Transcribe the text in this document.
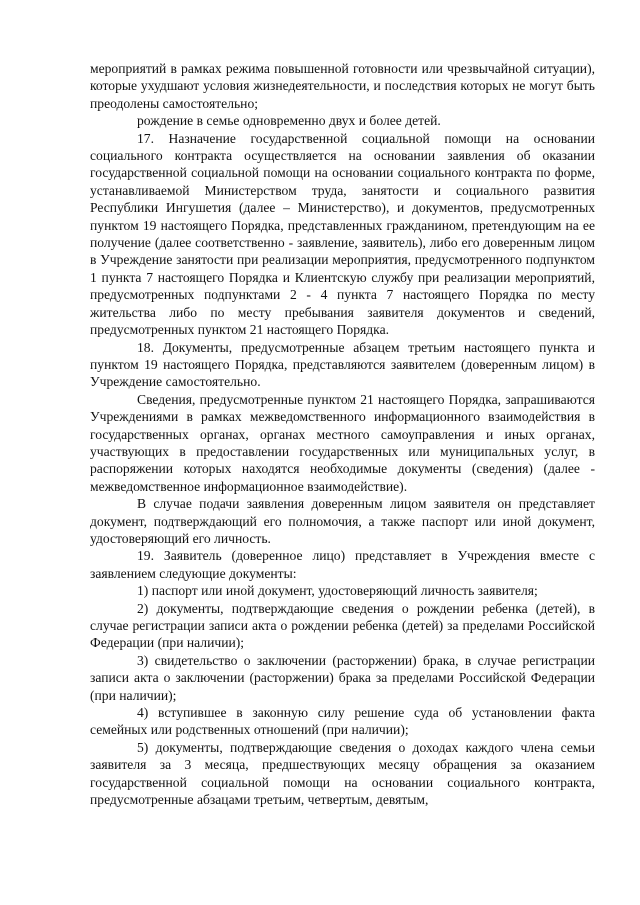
мероприятий в рамках режима повышенной готовности или чрезвычайной ситуации), которые ухудшают условия жизнедеятельности, и последствия которых не могут быть преодолены самостоятельно;

рождение в семье одновременно двух и более детей.

17. Назначение государственной социальной помощи на основании социального контракта осуществляется на основании заявления об оказании государственной социальной помощи на основании социального контракта по форме, устанавливаемой Министерством труда, занятости и социального развития Республики Ингушетия (далее – Министерство), и документов, предусмотренных пунктом 19 настоящего Порядка, представленных гражданином, претендующим на ее получение (далее соответственно - заявление, заявитель), либо его доверенным лицом в Учреждение занятости при реализации мероприятия, предусмотренного подпунктом 1 пункта 7 настоящего Порядка и Клиентскую службу при реализации мероприятий, предусмотренных подпунктами 2 - 4 пункта 7 настоящего Порядка по месту жительства либо по месту пребывания заявителя документов и сведений, предусмотренных пунктом 21 настоящего Порядка.

18. Документы, предусмотренные абзацем третьим настоящего пункта и пунктом 19 настоящего Порядка, представляются заявителем (доверенным лицом) в Учреждение самостоятельно.

Сведения, предусмотренные пунктом 21 настоящего Порядка, запрашиваются Учреждениями в рамках межведомственного информационного взаимодействия в государственных органах, органах местного самоуправления и иных органах, участвующих в предоставлении государственных или муниципальных услуг, в распоряжении которых находятся необходимые документы (сведения) (далее - межведомственное информационное взаимодействие).

В случае подачи заявления доверенным лицом заявителя он представляет документ, подтверждающий его полномочия, а также паспорт или иной документ, удостоверяющий его личность.

19. Заявитель (доверенное лицо) представляет в Учреждения вместе с заявлением следующие документы:

1) паспорт или иной документ, удостоверяющий личность заявителя;

2) документы, подтверждающие сведения о рождении ребенка (детей), в случае регистрации записи акта о рождении ребенка (детей) за пределами Российской Федерации (при наличии);

3) свидетельство о заключении (расторжении) брака, в случае регистрации записи акта о заключении (расторжении) брака за пределами Российской Федерации (при наличии);

4) вступившее в законную силу решение суда об установлении факта семейных или родственных отношений (при наличии);

5) документы, подтверждающие сведения о доходах каждого члена семьи заявителя за 3 месяца, предшествующих месяцу обращения за оказанием государственной социальной помощи на основании социального контракта, предусмотренные абзацами третьим, четвертым, девятым,
